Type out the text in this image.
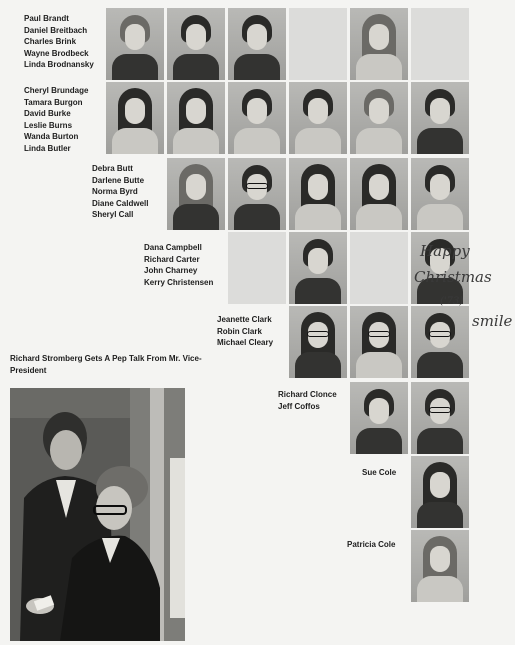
Paul Brandt
Daniel Breitbach
Charles Brink
Wayne Brodbeck
Linda Brodnansky
Cheryl Brundage
Tamara Burgon
David Burke
Leslie Burns
Wanda Burton
Linda Butler
Debra Butt
Darlene Butte
Norma Byrd
Diane Caldwell
Sheryl Call
Dana Campbell
Richard Carter
John Charney
Kerry Christensen
Jeanette Clark
Robin Clark
Michael Cleary
Richard Clonce
Jeff Coffos
Sue Cole
Patricia Cole
Happy
Christmas
('73)
smile
Richard Stromberg Gets A Pep Talk From Mr. Vice-President
